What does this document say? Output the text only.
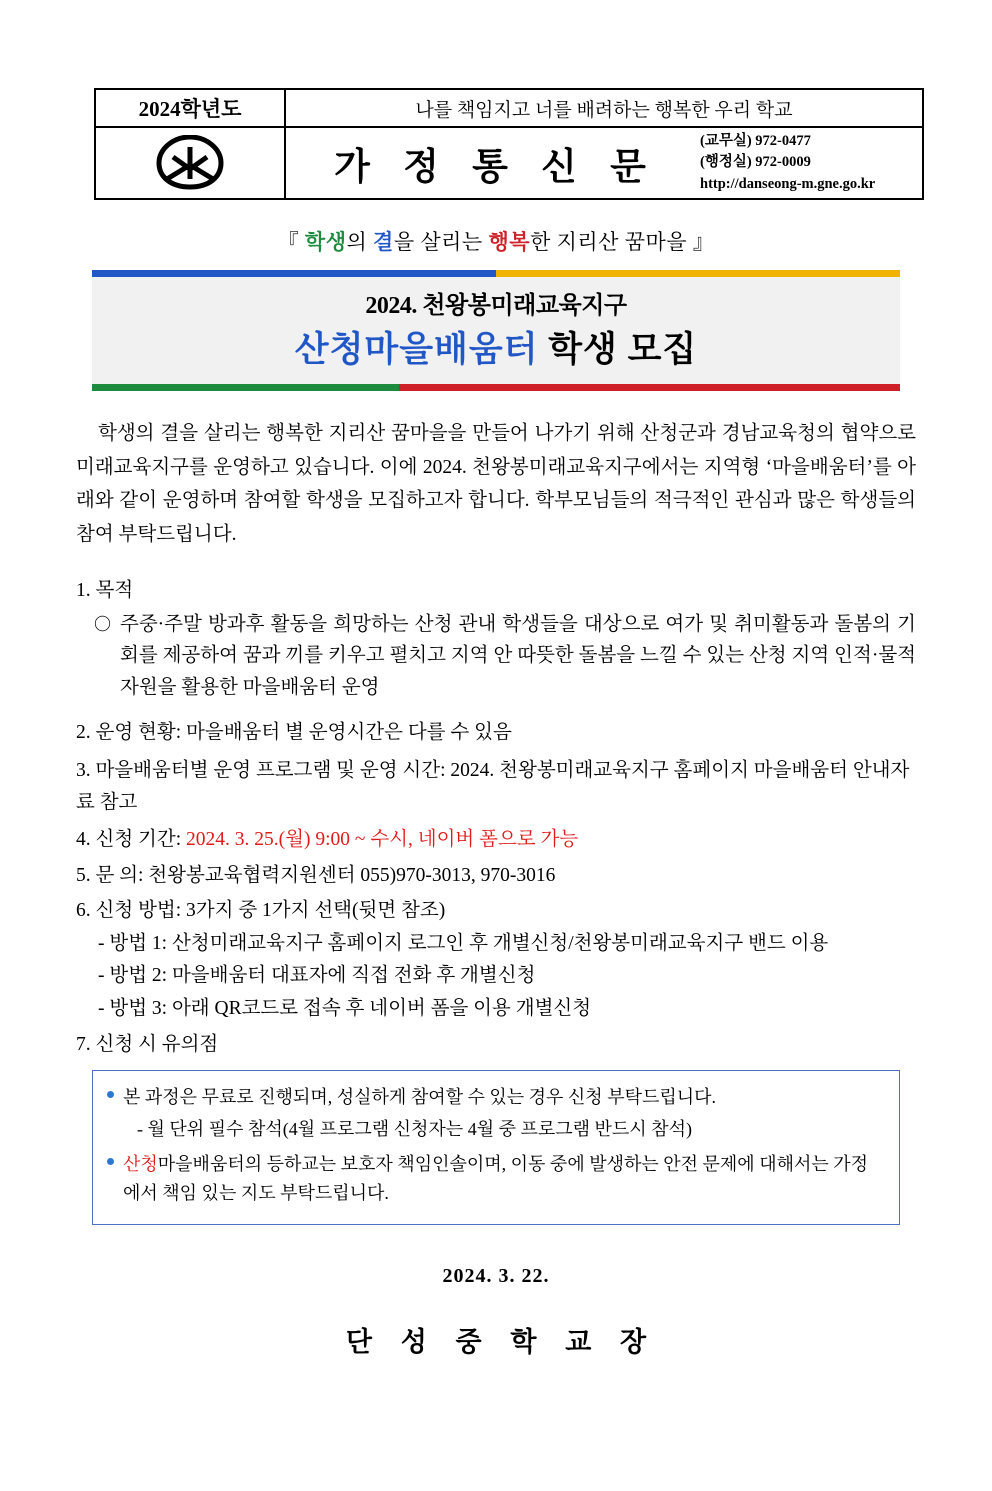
2024학년도	나를 책임지고 너를 배려하는 행복한 우리 학교
가 정 통 신 문
(교무실) 972-0477
(행정실) 972-0009
http://danseong-m.gne.go.kr
『 학생의 결을 살리는 행복한 지리산 꿈마을 』
2024. 천왕봉미래교육지구
산청마을배움터 학생 모집

학생의 결을 살리는 행복한 지리산 꿈마을을 만들어 나가기 위해 산청군과 경남교육청의 협약으로 미래교육지구를 운영하고 있습니다. 이에 2024. 천왕봉미래교육지구에서는 지역형 ‘마을배움터’를 아래와 같이 운영하며 참여할 학생을 모집하고자 합니다. 학부모님들의 적극적인 관심과 많은 학생들의 참여 부탁드립니다.

1. 목적
〇 주중·주말 방과후 활동을 희망하는 산청 관내 학생들을 대상으로 여가 및 취미활동과 돌봄의 기회를 제공하여 꿈과 끼를 키우고 펼치고 지역 안 따뜻한 돌봄을 느낄 수 있는 산청 지역 인적·물적 자원을 활용한 마을배움터 운영
2. 운영 현황: 마을배움터 별 운영시간은 다를 수 있음
3. 마을배움터별 운영 프로그램 및 운영 시간: 2024. 천왕봉미래교육지구 홈페이지 마을배움터 안내자료 참고
4. 신청 기간: 2024. 3. 25.(월) 9:00 ~ 수시, 네이버 폼으로 가능
5. 문 의: 천왕봉교육협력지원센터 055)970-3013, 970-3016
6. 신청 방법: 3가지 중 1가지 선택(뒷면 참조)
- 방법 1: 산청미래교육지구 홈페이지 로그인 후 개별신청/천왕봉미래교육지구 밴드 이용
- 방법 2: 마을배움터 대표자에 직접 전화 후 개별신청
- 방법 3: 아래 QR코드로 접속 후 네이버 폼을 이용 개별신청
7. 신청 시 유의점
본 과정은 무료로 진행되며, 성실하게 참여할 수 있는 경우 신청 부탁드립니다.
- 월 단위 필수 참석(4월 프로그램 신청자는 4월 중 프로그램 반드시 참석)
산청마을배움터의 등하교는 보호자 책임인솔이며, 이동 중에 발생하는 안전 문제에 대해서는 가정에서 책임 있는 지도 부탁드립니다.
2024. 3. 22.
단 성 중 학 교 장
